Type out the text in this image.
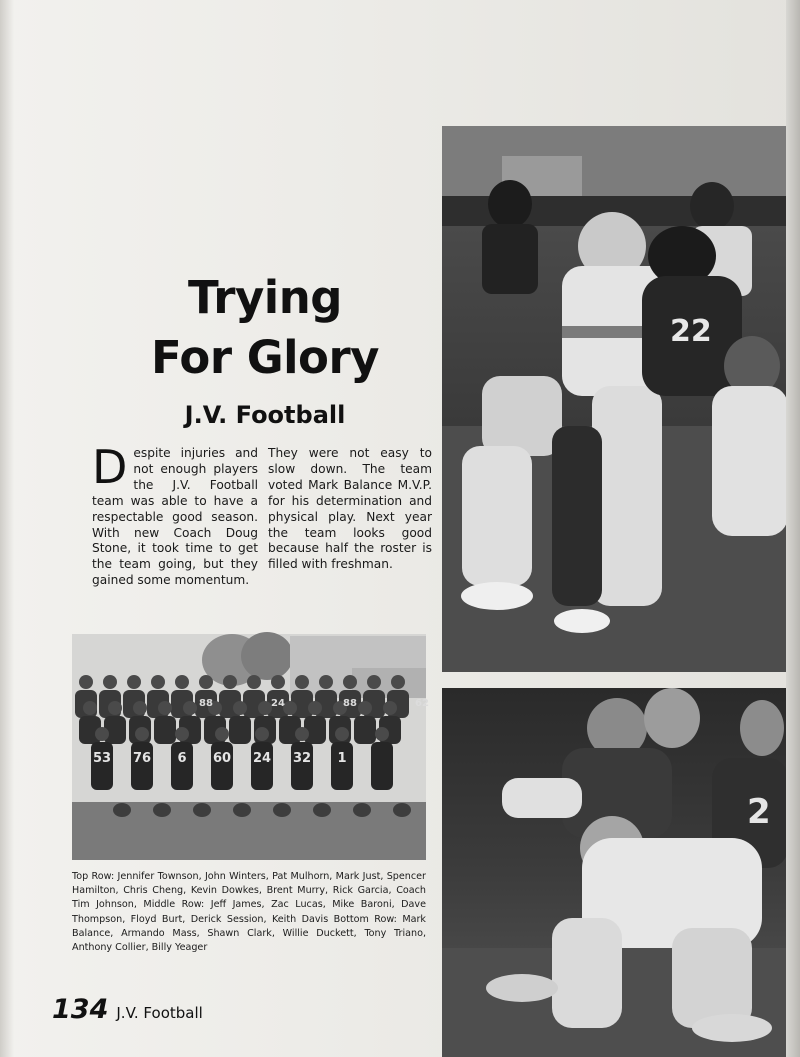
Trying
For Glory
J.V. Football
D espite injuries and not enough players the J.V. Football team was able to have a respectable good season. With new Coach Doug Stone, it took time to get the team going, but they gained some momentum.
They were not easy to slow down. The team voted Mark Balance M.V.P. for his determination and physical play. Next year the team looks good because half the roster is filled with freshman.
22
2
53 76 6 60 24 32 1
88	24	88	62
Top Row: Jennifer Townson, John Winters, Pat Mulhorn, Mark Just, Spencer Hamilton, Chris Cheng, Kevin Dowkes, Brent Murry, Rick Garcia, Coach Tim Johnson, Middle Row: Jeff James, Zac Lucas, Mike Baroni, Dave Thompson, Floyd Burt, Derick Session, Keith Davis Bottom Row: Mark Balance, Armando Mass, Shawn Clark, Willie Duckett, Tony Triano, Anthony Collier, Billy Yeager
134 J.V. Football
